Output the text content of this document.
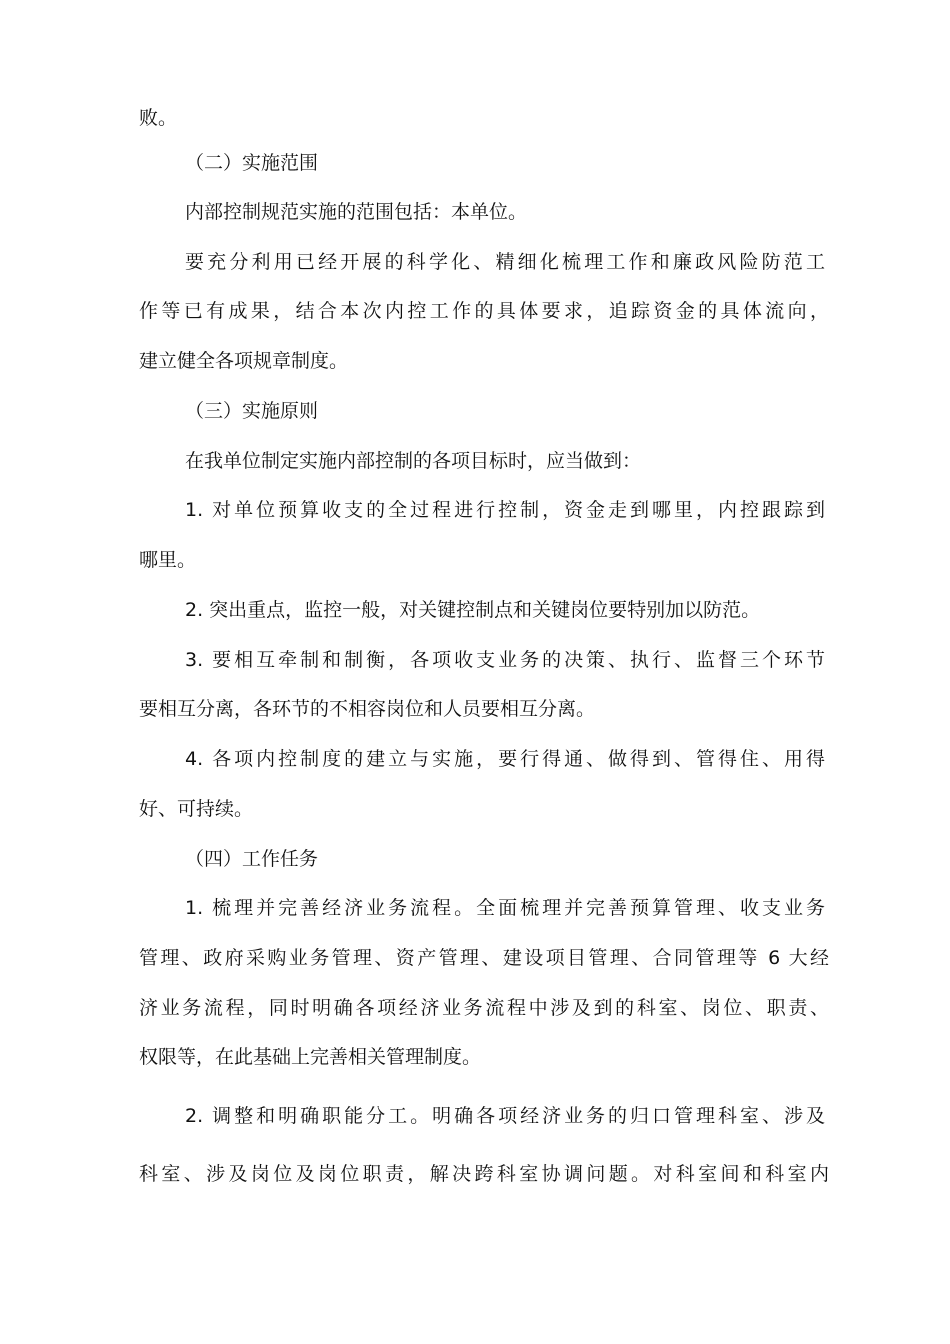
败。
（二）实施范围
内部控制规范实施的范围包括：本单位。
要充分利用已经开展的科学化、精细化梳理工作和廉政风险防范工
作等已有成果，结合本次内控工作的具体要求，追踪资金的具体流向，
建立健全各项规章制度。
（三）实施原则
在我单位制定实施内部控制的各项目标时，应当做到：
1. 对单位预算收支的全过程进行控制，资金走到哪里，内控跟踪到
哪里。
2. 突出重点，监控一般，对关键控制点和关键岗位要特别加以防范。
3. 要相互牵制和制衡，各项收支业务的决策、执行、监督三个环节
要相互分离，各环节的不相容岗位和人员要相互分离。
4. 各项内控制度的建立与实施，要行得通、做得到、管得住、用得
好、可持续。
（四）工作任务
1. 梳理并完善经济业务流程。全面梳理并完善预算管理、收支业务
管理、政府采购业务管理、资产管理、建设项目管理、合同管理等 6 大经
济业务流程，同时明确各项经济业务流程中涉及到的科室、岗位、职责、
权限等，在此基础上完善相关管理制度。
2. 调整和明确职能分工。明确各项经济业务的归口管理科室、涉及
科室、涉及岗位及岗位职责，解决跨科室协调问题。对科室间和科室内
